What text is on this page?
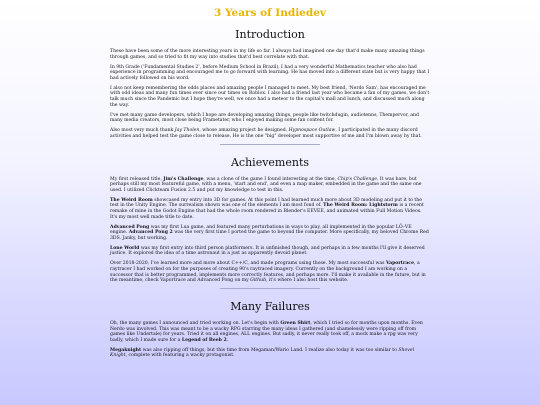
3 Years of Indiedev
Introduction

These have been some of the more interesting years in my life so far. I always had imagined one day that'd make many amazing things through games, and so tried to fit my way into studies that'd best correlate with that.

In 9th Grade ('Fundamental Studies 2', before Medium School in Brazil), I had a very wonderful Mathematics teacher who also had experience in programming and encouraged me to go forward with learning. He has moved into a different state but is very happy that I had actively followed on his word.

I also not keep remembering the odds places and amazing people I managed to meet. My best friend, 'Nerdo Sam', has encouraged me with odd ideas and many fun times ever since our times on Roblox. I also had a friend last year who became a fan of my games, we don't talk much since the Pandemic but I hope they're well, we once had a meteor to the capital's mall and lunch, and discussed much along the way.

I've met many game developers, which I hope are developing amazing things, people like twitchdugin, audiotenns, Thempervor, and many media creators, most close being Frametater, who I enjoyed making some fan content for.

Also most very much thank Jay Tholen, whose amazing project he designed, Hypnospace Outlaw, I participated in the many discord activities and helped test the game close to release. He is the one "big" developer most supportive of me and I'm blown away by that.

Achievements

My first released title, Jim's Challenge, was a clone of the game I found interesting at the time, Chip's Challenge. It was bare, but perhaps still my most featureful game, with a menu, 'start and end', and even a map maker, embedded in the game and the same one used. I utilized Clickteam Fusion 2.5 and put my knowledge to test in this.

The Weird Room showcased my entry into 3D for games. At this point I had learned much more about 3D modeling and put it to the test in the Unity Engine. The surrealism shown was one of the elements I am most fond of. The Weird Room: Lightstorm is a recent remake of mine in the Godot Engine that had the whole room rendered in Blender's EEVEE, and animated within Full Motion Videos. It's my most well made title to date.

Advanced Pong was my first Lua game, and featured many perturbations in ways to play, all implemented in the popular LÖ–VE engine. Advanced Pong 2 was the very first time I ported the game to beyond the computer. More specifically, my beloved Chrome Red 3DS. Janky, but working.

Lone World was my first entry into third person platformers. It is unfinished though, and perhaps in a few months I'll give it deserved justice. It explored the idea of a time astronaut in a just as apparently devoid planet.

Over 2018-2020, I've learned more and more about C++/C, and made programs using those. My most successful was Vaportrace, a raytracer I had worked on for the purposes of creating 90's raytraced imagery. Currently on the background I am working on a successor that is better programmed, implements more correctly features, and perhaps more. I'll make it available in the future, but in the meantime, check Vaportrace and Advanced Pong on my Github, it's where I also host this website.

Many Failures

Oh, the many games I announced and tried working on. Let's begin with Green Shirt, which I tried so for months upon months. Even Nerdo was involved. This was meant to be a wacky RPG starring the many ideas I gathered (and shamelessly were ripping off from games like Undertale) for years. Tried it on all engines, ALL engines. But sadly, it never really took off, a mock make a rpg was very badly, which I made sure for a Legend of Beeb 2.

Megaknight was also ripping off things, but this time from Megaman/Wario Land. I realize also today it was too similar to Shovel Knight, complete with featuring a wacky protagonist.
